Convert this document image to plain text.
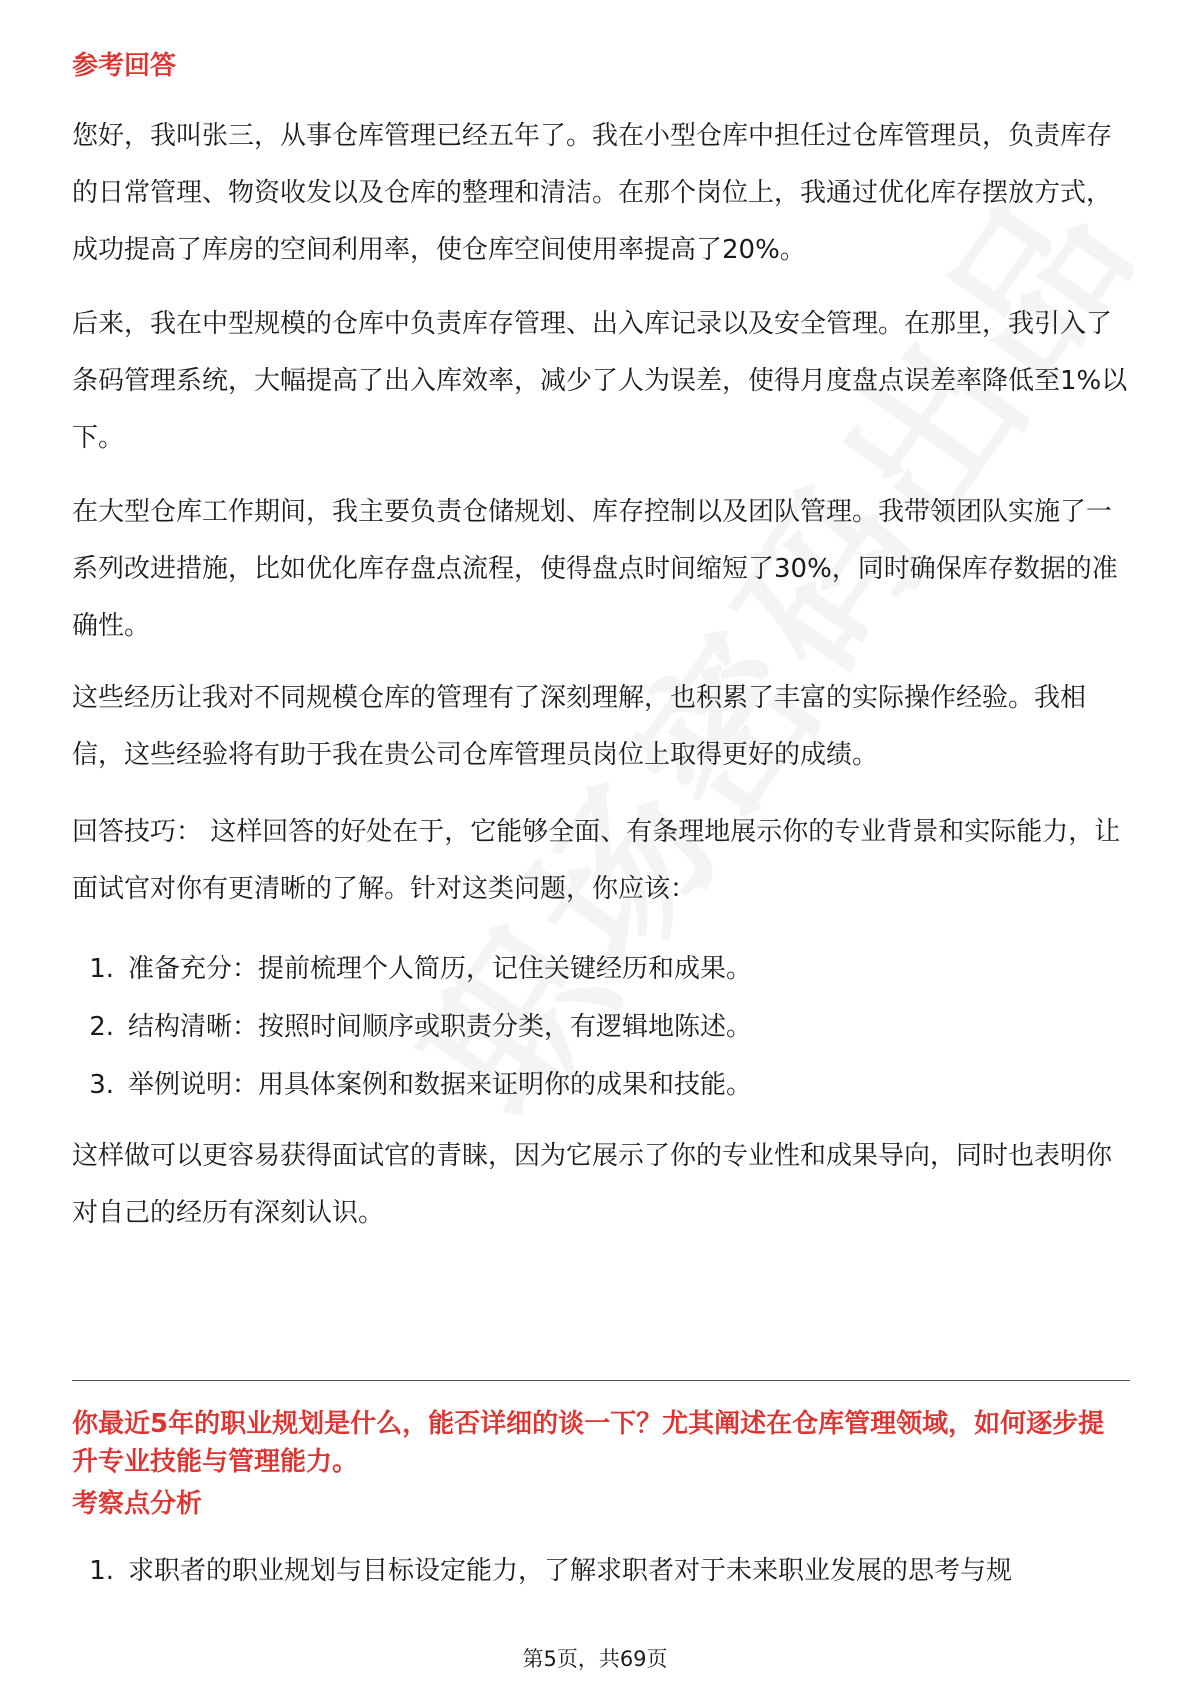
参考回答

您好，我叫张三，从事仓库管理已经五年了。我在小型仓库中担任过仓库管理员，负责库存的日常管理、物资收发以及仓库的整理和清洁。在那个岗位上，我通过优化库存摆放方式，成功提高了库房的空间利用率，使仓库空间使用率提高了20%。

后来，我在中型规模的仓库中负责库存管理、出入库记录以及安全管理。在那里，我引入了条码管理系统，大幅提高了出入库效率，减少了人为误差，使得月度盘点误差率降低至1%以下。

在大型仓库工作期间，我主要负责仓储规划、库存控制以及团队管理。我带领团队实施了一系列改进措施，比如优化库存盘点流程，使得盘点时间缩短了30%，同时确保库存数据的准确性。

这些经历让我对不同规模仓库的管理有了深刻理解，也积累了丰富的实际操作经验。我相信，这些经验将有助于我在贵公司仓库管理员岗位上取得更好的成绩。

回答技巧： 这样回答的好处在于，它能够全面、有条理地展示你的专业背景和实际能力，让面试官对你有更清晰的了解。针对这类问题，你应该：

1. 准备充分：提前梳理个人简历，记住关键经历和成果。
2. 结构清晰：按照时间顺序或职责分类，有逻辑地陈述。
3. 举例说明：用具体案例和数据来证明你的成果和技能。

这样做可以更容易获得面试官的青睐，因为它展示了你的专业性和成果导向，同时也表明你对自己的经历有深刻认识。

你最近5年的职业规划是什么，能否详细的谈一下？尤其阐述在仓库管理领域，如何逐步提升专业技能与管理能力。

考察点分析
1. 求职者的职业规划与目标设定能力，了解求职者对于未来职业发展的思考与规
第5页，共69页
